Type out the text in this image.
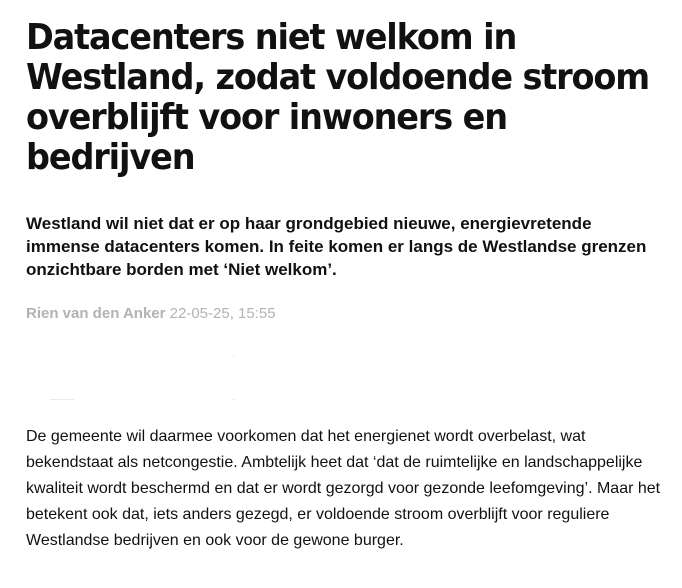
Datacenters niet welkom in Westland, zodat voldoende stroom overblijft voor inwoners en bedrijven

Westland wil niet dat er op haar grondgebied nieuwe, energievretende immense datacenters komen. In feite komen er langs de Westlandse grenzen onzichtbare borden met ‘Niet welkom’.

Rien van den Anker 22-05-25, 15:55

De gemeente wil daarmee voorkomen dat het energienet wordt overbelast, wat bekendstaat als netcongestie. Ambtelijk heet dat ‘dat de ruimtelijke en landschappelijke kwaliteit wordt beschermd en dat er wordt gezorgd voor gezonde leefomgeving’. Maar het betekent ook dat, iets anders gezegd, er voldoende stroom overblijft voor reguliere Westlandse bedrijven en ook voor de gewone burger.
